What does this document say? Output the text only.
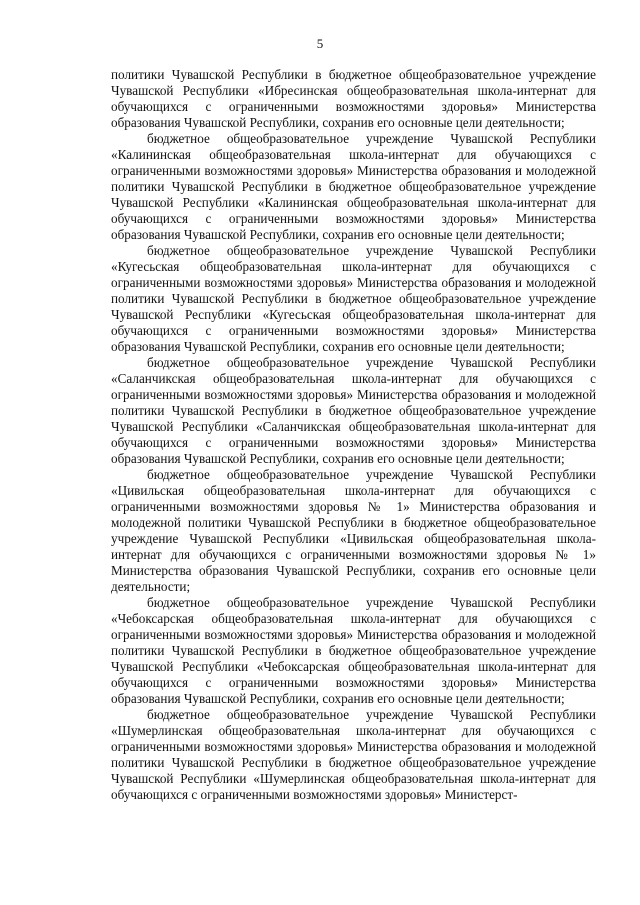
5

политики Чувашской Республики в бюджетное общеобразовательное учреждение Чувашской Республики «Ибресинская общеобразовательная школа-интернат для обучающихся с ограниченными возможностями здоровья» Министерства образования Чувашской Республики, сохранив его основные цели деятельности;

бюджетное общеобразовательное учреждение Чувашской Республики «Калининская общеобразовательная школа-интернат для обучающихся с ограниченными возможностями здоровья» Министерства образования и молодежной политики Чувашской Республики в бюджетное общеобразовательное учреждение Чувашской Республики «Калининская общеобразовательная школа-интернат для обучающихся с ограниченными возможностями здоровья» Министерства образования Чувашской Республики, сохранив его основные цели деятельности;

бюджетное общеобразовательное учреждение Чувашской Республики «Кугесьская общеобразовательная школа-интернат для обучающихся с ограниченными возможностями здоровья» Министерства образования и молодежной политики Чувашской Республики в бюджетное общеобразовательное учреждение Чувашской Республики «Кугесьская общеобразовательная школа-интернат для обучающихся с ограниченными возможностями здоровья» Министерства образования Чувашской Республики, сохранив его основные цели деятельности;

бюджетное общеобразовательное учреждение Чувашской Республики «Саланчикская общеобразовательная школа-интернат для обучающихся с ограниченными возможностями здоровья» Министерства образования и молодежной политики Чувашской Республики в бюджетное общеобразовательное учреждение Чувашской Республики «Саланчикская общеобразовательная школа-интернат для обучающихся с ограниченными возможностями здоровья» Министерства образования Чувашской Республики, сохранив его основные цели деятельности;

бюджетное общеобразовательное учреждение Чувашской Республики «Цивильская общеобразовательная школа-интернат для обучающихся с ограниченными возможностями здоровья № 1» Министерства образования и молодежной политики Чувашской Республики в бюджетное общеобразовательное учреждение Чувашской Республики «Цивильская общеобразовательная школа-интернат для обучающихся с ограниченными возможностями здоровья № 1» Министерства образования Чувашской Республики, сохранив его основные цели деятельности;

бюджетное общеобразовательное учреждение Чувашской Республики «Чебоксарская общеобразовательная школа-интернат для обучающихся с ограниченными возможностями здоровья» Министерства образования и молодежной политики Чувашской Республики в бюджетное общеобразовательное учреждение Чувашской Республики «Чебоксарская общеобразовательная школа-интернат для обучающихся с ограниченными возможностями здоровья» Министерства образования Чувашской Республики, сохранив его основные цели деятельности;

бюджетное общеобразовательное учреждение Чувашской Республики «Шумерлинская общеобразовательная школа-интернат для обучающихся с ограниченными возможностями здоровья» Министерства образования и молодежной политики Чувашской Республики в бюджетное общеобразовательное учреждение Чувашской Республики «Шумерлинская общеобразовательная школа-интернат для обучающихся с ограниченными возможностями здоровья» Министерст-
